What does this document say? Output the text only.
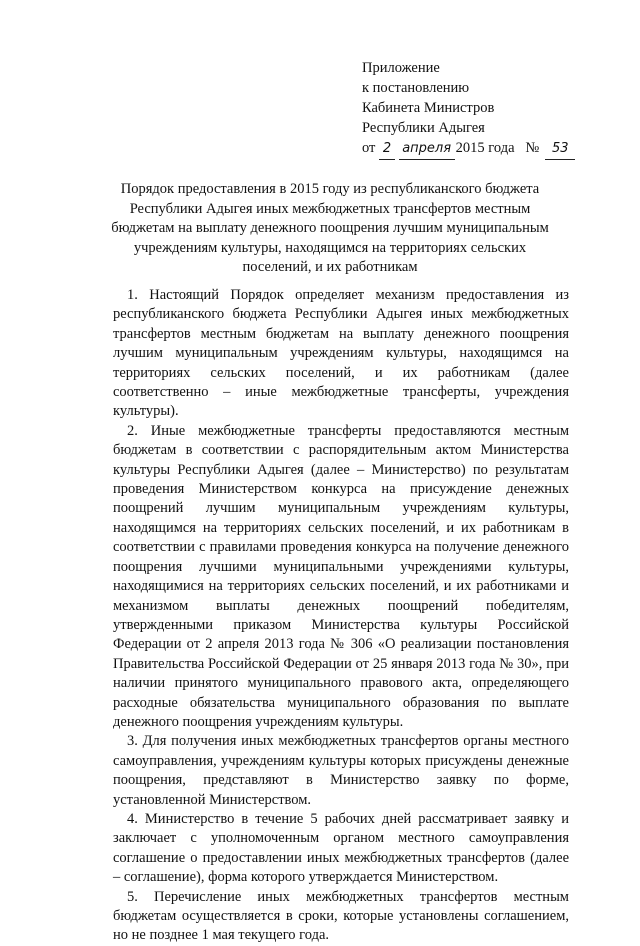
Приложение
к постановлению
Кабинета Министров
Республики Адыгея
от 2 апреля 2015 года № 53
Порядок предоставления в 2015 году из республиканского бюджета
Республики Адыгея иных межбюджетных трансфертов местным
бюджетам на выплату денежного поощрения лучшим муниципальным
учреждениям культуры, находящимся на территориях сельских
поселений, и их работникам

1. Настоящий Порядок определяет механизм предоставления из республиканского бюджета Республики Адыгея иных межбюджетных трансфертов местным бюджетам на выплату денежного поощрения лучшим муниципальным учреждениям культуры, находящимся на территориях сельских поселений, и их работникам (далее соответственно – иные межбюджетные трансферты, учреждения культуры).

2. Иные межбюджетные трансферты предоставляются местным бюджетам в соответствии с распорядительным актом Министерства культуры Республики Адыгея (далее – Министерство) по результатам проведения Министерством конкурса на присуждение денежных поощрений лучшим муниципальным учреждениям культуры, находящимся на территориях сельских поселений, и их работникам в соответствии с правилами проведения конкурса на получение денежного поощрения лучшими муниципальными учреждениями культуры, находящимися на территориях сельских поселений, и их работниками и механизмом выплаты денежных поощрений победителям, утвержденными приказом Министерства культуры Российской Федерации от 2 апреля 2013 года № 306 «О реализации постановления Правительства Российской Федерации от 25 января 2013 года № 30», при наличии принятого муниципального правового акта, определяющего расходные обязательства муниципального образования по выплате денежного поощрения учреждениям культуры.

3. Для получения иных межбюджетных трансфертов органы местного самоуправления, учреждениям культуры которых присуждены денежные поощрения, представляют в Министерство заявку по форме, установленной Министерством.

4. Министерство в течение 5 рабочих дней рассматривает заявку и заключает с уполномоченным органом местного самоуправления соглашение о предоставлении иных межбюджетных трансфертов (далее – соглашение), форма которого утверждается Министерством.

5. Перечисление иных межбюджетных трансфертов местным бюджетам осуществляется в сроки, которые установлены соглашением, но не позднее 1 мая текущего года.
